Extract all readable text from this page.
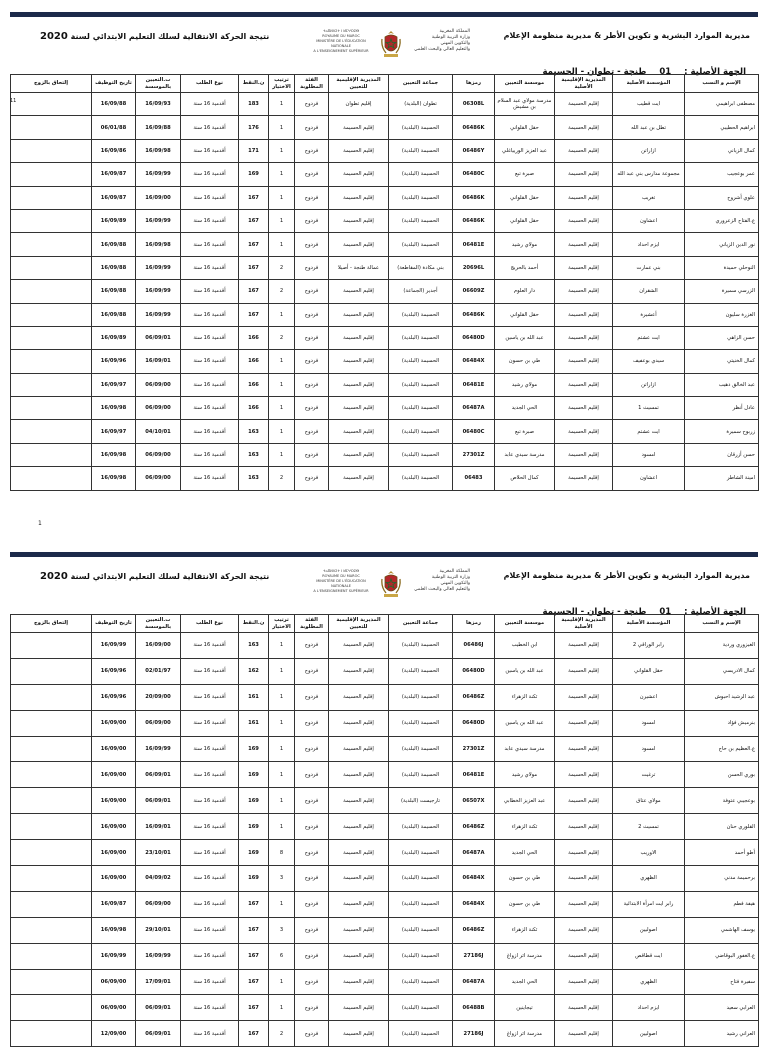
مديرية الموارد البشرية و تكوين الأطر & مديرية منظومة الإعلام
ⵜⴰⴳⵍⴷⵉⵜ ⵏ ⵍⵎⵖⵔⵉⴱ
ROYAUME DU MAROC
MINISTÈRE DE L'ÉDUCATION NATIONALE
A L'ENSEIGNEMENT SUPÉRIEUR
المملكة المغربية
وزارة التربية الوطنية
والتكوين المهني
والتعليم العالي والبحث العلمي
نتيجة الحركة الانتقالية لسلك التعليم الابتدائي لسنة 2020
الجهة الأصلية : 01 طنجة - تطوان - الحسيمة
11
الإسم و النسب	المؤسسة الأصلية	المديرية الإقليمية الأصلية	موسسة التعيين	رمزها	جماعة التعيين	المديرية الإقليمية للتعيين	الفئة المطلوبة	ترتيب الاختيار	ن.النقط	نوع الطلب	ت.التعيين بالموسسة	تاريخ التوظيف	إلتحاق بالزوج
مصطفى ابراهيمي	ايت قطيب	إقليم الحسيمة	مدرسة مولاي عبد السلام بن مشيش	06308L	تطوان (البلدية)	إقليم تطوان	فردوج	1	183	أقدمية 16 سنة	16/09/93	16/09/88	
ابراهيم الحطيبي	تطل بن عبد الله	إقليم الحسيمة	حقل القلواني	06486K	الحسيمة (البلدية)	إقليم الحسيمة	فردوج	1	176	أقدمية 16 سنة	16/09/88	06/01/88	
كمال الزياني	ازاراتن	إقليم الحسيمة	عبد العزيز الوريياغلي	06486Y	الحسيمة (البلدية)	إقليم الحسيمة	فردوج	1	171	أقدمية 16 سنة	16/09/98	16/09/86	
عمر بوعجيب	مجموعة مدارس بني عبد الله	إقليم الحسيمة	صبرة تبع	06480C	الحسيمة (البلدية)	إقليم الحسيمة	فردوج	1	169	أقدمية 16 سنة	16/09/99	16/09/87	
علوي أشروح	تغريب	إقليم الحسيمة	حقل القلواني	06486K	الحسيمة (البلدية)	إقليم الحسيمة	فردوج	1	167	أقدمية 16 سنة	16/09/00	16/09/87	
ع.الفتاح الزعروري	اعشاون	إقليم الحسيمة	حقل القلواني	06486K	الحسيمة (البلدية)	إقليم الحسيمة	فردوج	1	167	أقدمية 16 سنة	16/09/99	16/09/89	
نور الدين الزياني	ايزم احداد	إقليم الحسيمة	مولاي رشيد	06481E	الحسيمة (البلدية)	إقليم الحسيمة	فردوج	1	167	أقدمية 16 سنة	16/09/98	16/09/88	
النوحلي حميدة	بني عمارت	إقليم الحسيمة	أحمد بالحريج	20696L	بني مكادة (المقاطعة)	عمالة طنجة - أصيلا	فردوج	2	167	أقدمية 16 سنة	16/09/99	16/09/88	
الزرسي سميرة	الشقران	إقليم الحسيمة	دار العلوم	06609Z	أجدير (الجماعة)	إقليم الحسيمة	فردوج	2	167	أقدمية 16 سنة	16/09/99	16/09/88	
الغزرة سليون	أعشيرة	إقليم الحسيمة	حقل القلواني	06486K	الحسيمة (البلدية)	إقليم الحسيمة	فردوج	1	167	أقدمية 16 سنة	16/09/99	16/09/88	
حسن الزاهي	ايت عشتم	إقليم الحسيمة	عبد الله بن ياسين	06480D	الحسيمة (البلدية)	إقليم الحسيمة	فردوج	2	166	أقدمية 16 سنة	06/09/01	16/09/89	
كمال الخنيتي	سيدي بوعفيف	إقليم الحسيمة	طي بن حسون	06484X	الحسيمة (البلدية)	إقليم الحسيمة	فردوج	1	166	أقدمية 16 سنة	16/09/01	16/09/96	
عبد الخالق ذهيب	ازاراتن	إقليم الحسيمة	مولاي رشيد	06481E	الحسيمة (البلدية)	إقليم الحسيمة	فردوج	1	166	أقدمية 16 سنة	06/09/00	16/09/97	
عادل أنظر	تمسيث 1	إقليم الحسيمة	الحي الجديد	06487A	الحسيمة (البلدية)	إقليم الحسيمة	فردوج	1	166	أقدمية 16 سنة	06/09/00	16/09/98	
زربوح سميرة	ايت عشتم	إقليم الحسيمة	صبرة تبع	06480C	الحسيمة (البلدية)	إقليم الحسيمة	فردوج	1	163	أقدمية 16 سنة	04/10/01	16/09/97	
حسن أزرقان	امسود	إقليم الحسيمة	مدرسة سيدي عابد	27301Z	الحسيمة (البلدية)	إقليم الحسيمة	فردوج	1	163	أقدمية 16 سنة	06/09/00	16/09/98	
امينة الشاطر	اعشاون	إقليم الحسيمة	كمال الحلاص	06483	الحسيمة (البلدية)	إقليم الحسيمة	فردوج	2	163	أقدمية 16 سنة	06/09/00	16/09/98	
1
مديرية الموارد البشرية و تكوين الأطر & مديرية منظومة الإعلام
ⵜⴰⴳⵍⴷⵉⵜ ⵏ ⵍⵎⵖⵔⵉⴱ
ROYAUME DU MAROC
MINISTÈRE DE L'ÉDUCATION NATIONALE
A L'ENSEIGNEMENT SUPÉRIEUR
المملكة المغربية
وزارة التربية الوطنية
والتكوين المهني
والتعليم العالي والبحث العلمي
نتيجة الحركة الانتقالية لسلك التعليم الابتدائي لسنة 2020
الجهة الأصلية : 01 طنجة - تطوان - الحسيمة
الإسم و النسب	المؤسسة الأصلية	المديرية الإقليمية الأصلية	موسسة التعيين	رمزها	جماعة التعيين	المديرية الإقليمية للتعيين	الفئة المطلوبة	ترتيب الاختيار	ن.النقط	نوع الطلب	ت.التعيين بالموسسة	تاريخ التوظيف	إلتحاق بالزوج
الغيزوري وردية	رابر الوراقي 2	إقليم الحسيمة	ابن الخطيب	06486J	الحسيمة (البلدية)	إقليم الحسيمة	فردوج	1	163	أقدمية 16 سنة	16/09/00	16/09/99	
كمال الادريسي	حقل القلواني	إقليم الحسيمة	عبد الله بن ياسين	06480D	الحسيمة (البلدية)	إقليم الحسيمة	فردوج	1	162	أقدمية 16 سنة	02/01/97	16/09/96	
عبد الرشيد احبوش	اعشيرن	إقليم الحسيمة	ثكنة الزهراء	06486Z	الحسيمة (البلدية)	إقليم الحسيمة	فردوج	1	161	أقدمية 16 سنة	20/09/00	16/09/96	
بنرميش فؤاد	امسود	إقليم الحسيمة	عبد الله بن ياسين	06480D	الحسيمة (البلدية)	إقليم الحسيمة	فردوج	1	161	أقدمية 16 سنة	06/09/00	16/09/00	
ع.العظيم بن حاج	امسود	إقليم الحسيمة	مدرسة سيدي عابد	27301Z	الحسيمة (البلدية)	إقليم الحسيمة	فردوج	1	169	أقدمية 16 سنة	16/09/99	16/09/00	
بوري الحسن	ترغيت	إقليم الحسيمة	مولاي رشيد	06481E	الحسيمة (البلدية)	إقليم الحسيمة	فردوج	1	169	أقدمية 16 سنة	06/09/01	16/09/00	
بوعجيبي عتوفة	مولاي عتاق	إقليم الحسيمة	عبد العزيز الخطابي	06507X	تارجيست (البلدية)	إقليم الحسيمة	فردوج	1	169	أقدمية 16 سنة	06/09/01	16/09/00	
القلوري حنان	تمسيث 2	إقليم الحسيمة	ثكنة الزهراء	06486Z	الحسيمة (البلدية)	إقليم الحسيمة	فردوج	1	169	أقدمية 16 سنة	16/09/01	16/09/00	
أطو أحمد	الاوريب	إقليم الحسيمة	الحي الجديد	06487A	الحسيمة (البلدية)	إقليم الحسيمة	فردوج	8	169	أقدمية 16 سنة	23/10/01	16/09/00	
برحميمة مدني	الظهري	إقليم الحسيمة	طي بن حسون	06484X	الحسيمة (البلدية)	إقليم الحسيمة	فردوج	3	169	أقدمية 16 سنة	04/09/02	16/09/00	
هيفة فطم	رابر ايت امرأة الابتدائية	إقليم الحسيمة	طي بن حسون	06484X	الحسيمة (البلدية)	إقليم الحسيمة	فردوج	1	167	أقدمية 16 سنة	06/09/00	16/09/87	
يوسف الهاشمي	اصوليين	إقليم الحسيمة	ثكنة الزهراء	06486Z	الحسيمة (البلدية)	إقليم الحسيمة	فردوج	3	167	أقدمية 16 سنة	29/10/01	16/09/98	
ع.الغفور البوقاضي	ايت قطاقص	إقليم الحسيمة	مدرسة اثر ازواغ	27186J	الحسيمة (البلدية)	إقليم الحسيمة	فردوج	6	167	أقدمية 16 سنة	16/09/99	16/09/99	
سفيرة فتاح	الظهري	إقليم الحسيمة	الحي الجديد	06487A	الحسيمة (البلدية)	إقليم الحسيمة	فردوج	1	167	أقدمية 16 سنة	17/09/01	06/09/00	
العرابي سعيد	ايزم احداد	إقليم الحسيمة	تيجاينين	06488B	الحسيمة (البلدية)	إقليم الحسيمة	فردوج	1	167	أقدمية 16 سنة	06/09/01	06/09/00	
العراني رشيد	اصوليين	إقليم الحسيمة	مدرسة اثر ازواغ	27186J	الحسيمة (البلدية)	إقليم الحسيمة	فردوج	2	167	أقدمية 16 سنة	06/09/01	12/09/00	
